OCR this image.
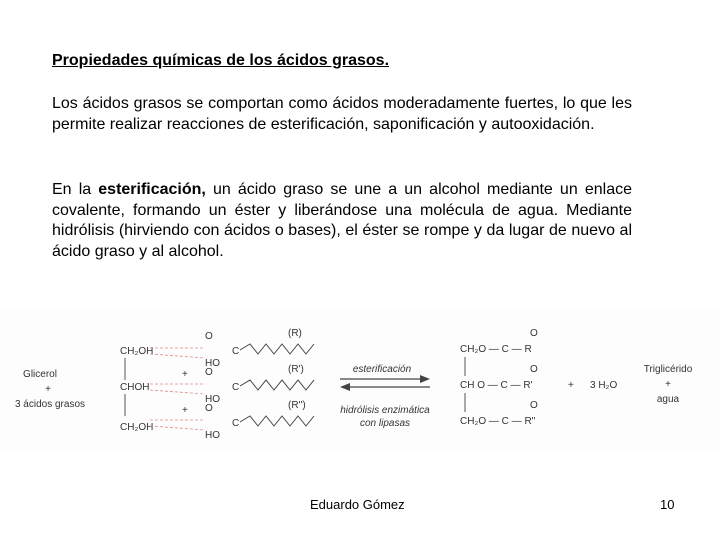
Propiedades químicas de los ácidos grasos.
Los ácidos grasos se comportan como ácidos moderadamente fuertes, lo que les permite realizar reacciones de esterificación, saponificación y autooxidación.
En la esterificación, un ácido graso se une a un alcohol mediante un enlace covalente, formando un éster y liberándose una molécula de agua. Mediante hidrólisis (hirviendo con ácidos o bases), el éster se rompe y da lugar de nuevo al ácido graso y al alcohol.
Glicerol
+
3 ácidos grasos
CH₂OH
CHOH
CH₂OH
+
+
O
HO
C
(R)
O
HO
C
(R')
O
HO
C
(R'')
esterificación
hidrólisis enzimática
con lipasas
O
CH₂O — C — R
O
CH O — C — R'
O
CH₂O — C — R''
+ 3 H₂O
Triglicérido
+
agua
Eduardo Gómez	10
